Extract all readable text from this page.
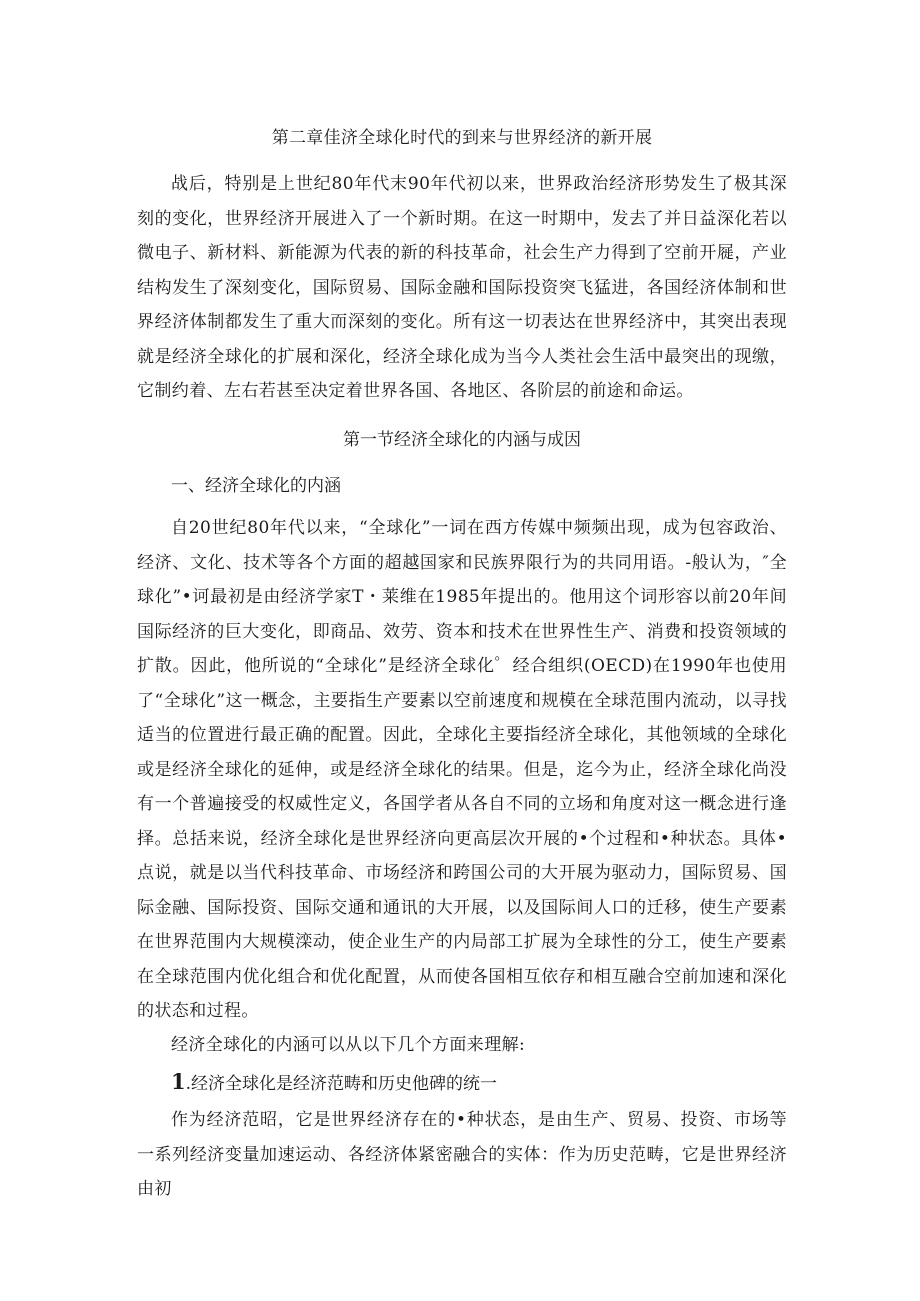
第二章佳济全球化时代的到来与世界经济的新开展

战后，特别是上世纪80年代末90年代初以来，世界政治经济形势发生了极其深刻的变化，世界经济开展进入了一个新时期。在这一时期中，发去了并日益深化若以微电子、新材料、新能源为代表的新的科技革命，社会生产力得到了空前开屣，产业结构发生了深刻变化，国际贸易、国际金融和国际投资突飞猛进，各国经济体制和世界经济体制都发生了重大而深刻的变化。所有这一切表达在世界经济中，其突出表现就是经济全球化的扩展和深化，经济全球化成为当今人类社会生活中最突出的现缴，它制约着、左右若甚至决定着世界各国、各地区、各阶层的前途和命运。

第一节经济全球化的内涵与成因
一、经济全球化的内涵

自20世纪80年代以来，“全球化”一词在西方传媒中频频出现，成为包容政治、经济、文化、技术等各个方面的超越国家和民族界限行为的共同用语。-般认为，″全球化”•诃最初是由经济学家T・莱维在1985年提出的。他用这个词形容以前20年间国际经济的巨大变化，即商品、效劳、资本和技术在世界性生产、消费和投资领域的扩散。因此，他所说的“全球化”是经济全球化゜经合组织(OECD)在1990年也使用了“全球化”这一概念，主要指生产要素以空前速度和规模在全球范围内流动，以寻找适当的位置进行最正确的配置。因此，全球化主要指经济全球化，其他领域的全球化或是经济全球化的延伸，或是经济全球化的结果。但是，迄今为止，经济全球化尚没有一个普遍接受的权威性定义，各国学者从各自不同的立场和角度对这一概念进行逢择。总括来说，经济全球化是世界经济向更高层次开展的•个过程和•种状态。具体•点说，就是以当代科技革命、市场经济和跨国公司的大开展为驱动力，国际贸易、国际金融、国际投资、国际交通和通讯的大开展，以及国际间人口的迁移，使生产要素在世界范围内大规模滦动，使企业生产的内局部工扩展为全球性的分工，使生产要素在全球范围内优化组合和优化配置，从而使各国相互依存和相互融合空前加速和深化的状态和过程。

经济全球化的内涵可以从以下几个方面来理解:

1.经济全球化是经济范畴和历史他碑的统一

作为经济范昭，它是世界经济存在的•种状态，是由生产、贸易、投资、市场等一系列经济变量加速运动、各经济体紧密融合的实体：作为历史范畴，它是世界经济由初
